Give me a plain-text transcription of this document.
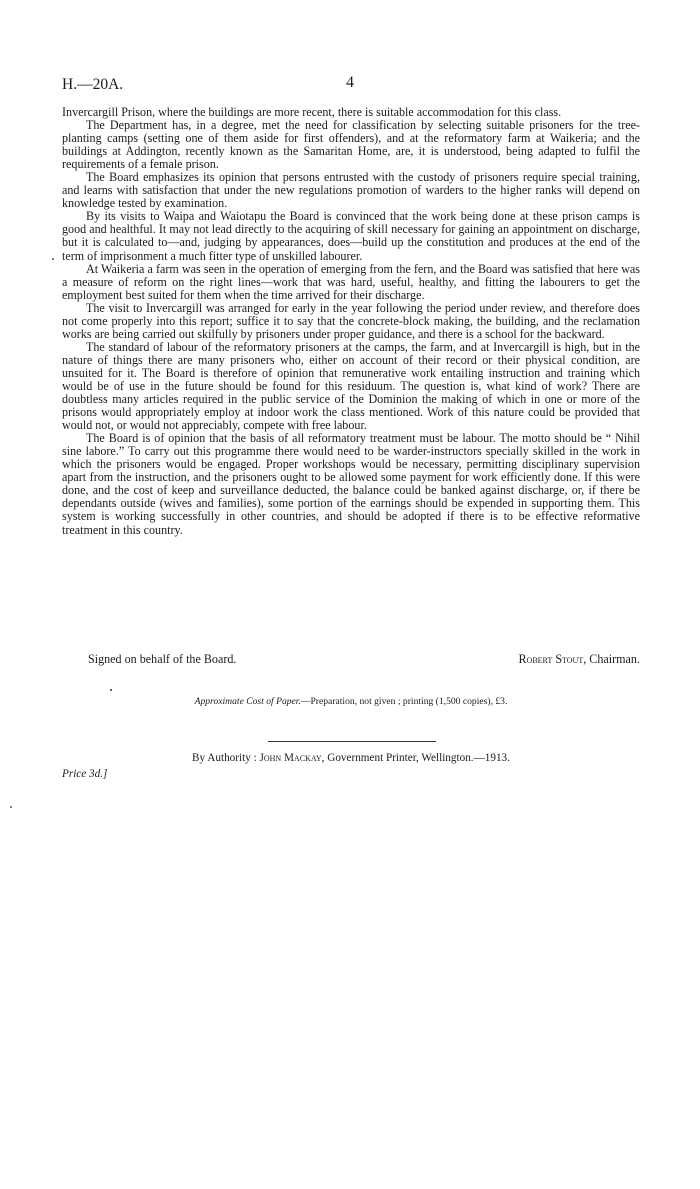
H.—20A.	4

Invercargill Prison, where the buildings are more recent, there is suitable accommodation for this class.

The Department has, in a degree, met the need for classification by selecting suitable prisoners for the tree-planting camps (setting one of them aside for first offenders), and at the reformatory farm at Waikeria; and the buildings at Addington, recently known as the Samaritan Home, are, it is understood, being adapted to fulfil the requirements of a female prison.

The Board emphasizes its opinion that persons entrusted with the custody of prisoners require special training, and learns with satisfaction that under the new regulations promotion of warders to the higher ranks will depend on knowledge tested by examination.

By its visits to Waipa and Waiotapu the Board is convinced that the work being done at these prison camps is good and healthful. It may not lead directly to the acquiring of skill necessary for gaining an appointment on discharge, but it is calculated to—and, judging by appearances, does—build up the constitution and produces at the end of the term of imprisonment a much fitter type of unskilled labourer.

At Waikeria a farm was seen in the operation of emerging from the fern, and the Board was satisfied that here was a measure of reform on the right lines—work that was hard, useful, healthy, and fitting the labourers to get the employment best suited for them when the time arrived for their discharge.

The visit to Invercargill was arranged for early in the year following the period under review, and therefore does not come properly into this report; suffice it to say that the concrete-block making, the building, and the reclamation works are being carried out skilfully by prisoners under proper guidance, and there is a school for the backward.

The standard of labour of the reformatory prisoners at the camps, the farm, and at Invercargill is high, but in the nature of things there are many prisoners who, either on account of their record or their physical condition, are unsuited for it. The Board is therefore of opinion that remunerative work entailing instruction and training which would be of use in the future should be found for this residuum. The question is, what kind of work? There are doubtless many articles required in the public service of the Dominion the making of which in one or more of the prisons would appropriately employ at indoor work the class mentioned. Work of this nature could be provided that would not, or would not appreciably, compete with free labour.

The Board is of opinion that the basis of all reformatory treatment must be labour. The motto should be “ Nihil sine labore.” To carry out this programme there would need to be warder-instructors specially skilled in the work in which the prisoners would be engaged. Proper workshops would be necessary, permitting disciplinary supervision apart from the instruction, and the prisoners ought to be allowed some payment for work efficiently done. If this were done, and the cost of keep and surveillance deducted, the balance could be banked against discharge, or, if there be dependants outside (wives and families), some portion of the earnings should be expended in supporting them. This system is working successfully in other countries, and should be adopted if there is to be effective reformative treatment in this country.

Signed on behalf of the Board.	Robert Stout, Chairman.
Approximate Cost of Paper.—Preparation, not given ; printing (1,500 copies), £3.
By Authority : John Mackay, Government Printer, Wellington.—1913.
Price 3d.]
